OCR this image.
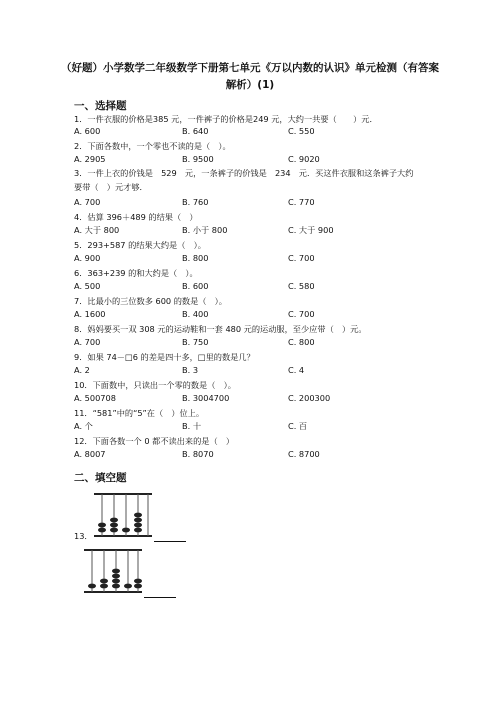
（好题）小学数学二年级数学下册第七单元《万以内数的认识》单元检测（有答案解析）(1)
一、选择题
1．一件衣服的价格是385 元，一件裤子的价格是249 元，大约一共要（　　）元．
A. 600	B. 640	C. 550
2．下面各数中，一个零也不读的是（　）。
A. 2905	B. 9500	C. 9020
3．一件上衣的价钱是　529　元，一条裤子的价钱是　234　元．买这件衣服和这条裤子大约要带（　）元才够．
A. 700	B. 760	C. 770
4．估算 396＋489 的结果（　）
A. 大于 800	B. 小于 800	C. 大于 900
5．293+587 的结果大约是（　）。
A. 900	B. 800	C. 700
6．363+239 的和大约是（　）。
A. 500	B. 600	C. 580
7．比最小的三位数多 600 的数是（　）。
A. 1600	B. 400	C. 700
8．妈妈要买一双 308 元的运动鞋和一套 480 元的运动服，至少应带（　）元。
A. 700	B. 750	C. 800
9．如果 74－□6 的差是四十多，□里的数是几？
A. 2	B. 3	C. 4
10．下面数中，只读出一个零的数是（　）。
A. 500708	B. 3004700	C. 200300
11．“581”中的“5”在（　）位上。
A. 个	B. 十	C. 百
12．下面各数一个 0 都不读出来的是（　）
A. 8007	B. 8070	C. 8700
二、填空题
13．
